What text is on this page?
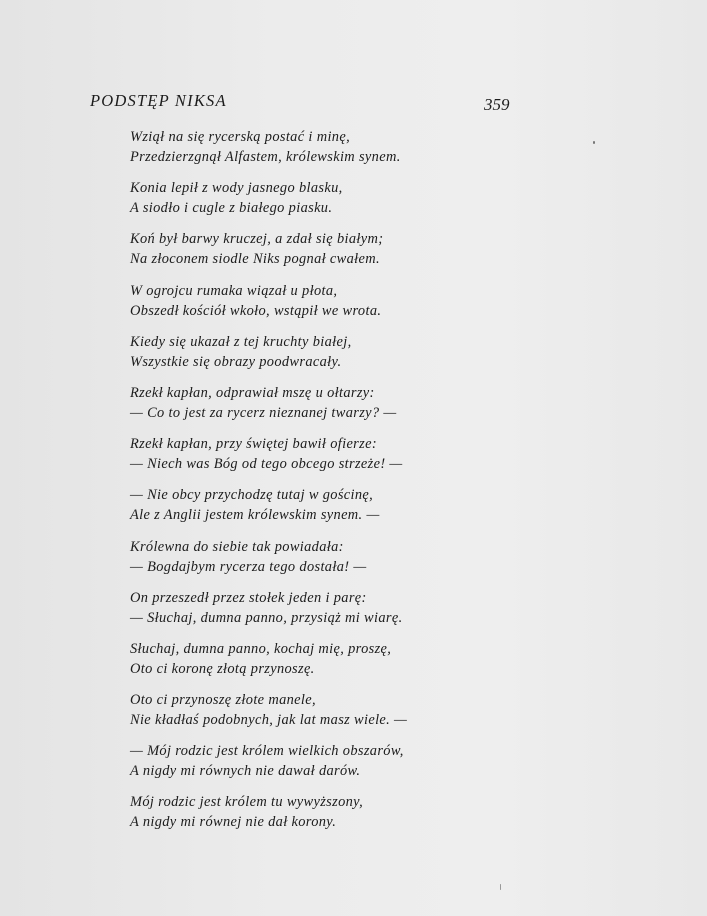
PODSTĘP NIKSA	359
Wziął na się rycerską postać i minę,
Przedzierzgnął Alfastem, królewskim synem.
Konia lepił z wody jasnego blasku,
A siodło i cugle z białego piasku.
Koń był barwy kruczej, a zdał się białym;
Na złoconem siodle Niks pognał cwałem.
W ogrojcu rumaka wiązał u płota,
Obszedł kościół wkoło, wstąpił we wrota.
Kiedy się ukazał z tej kruchty białej,
Wszystkie się obrazy poodwracały.
Rzekł kapłan, odprawiał mszę u ołtarzy:
— Co to jest za rycerz nieznanej twarzy? —
Rzekł kapłan, przy świętej bawił ofierze:
— Niech was Bóg od tego obcego strzeże! —
— Nie obcy przychodzę tutaj w gościnę,
Ale z Anglii jestem królewskim synem. —
Królewna do siebie tak powiadała:
— Bogdajbym rycerza tego dostała! —
On przeszedł przez stołek jeden i parę:
— Słuchaj, dumna panno, przysiąż mi wiarę.
Słuchaj, dumna panno, kochaj mię, proszę,
Oto ci koronę złotą przynoszę.
Oto ci przynoszę złote manele,
Nie kładłaś podobnych, jak lat masz wiele. —
— Mój rodzic jest królem wielkich obszarów,
A nigdy mi równych nie dawał darów.
Mój rodzic jest królem tu wywyższony,
A nigdy mi równej nie dał korony.
